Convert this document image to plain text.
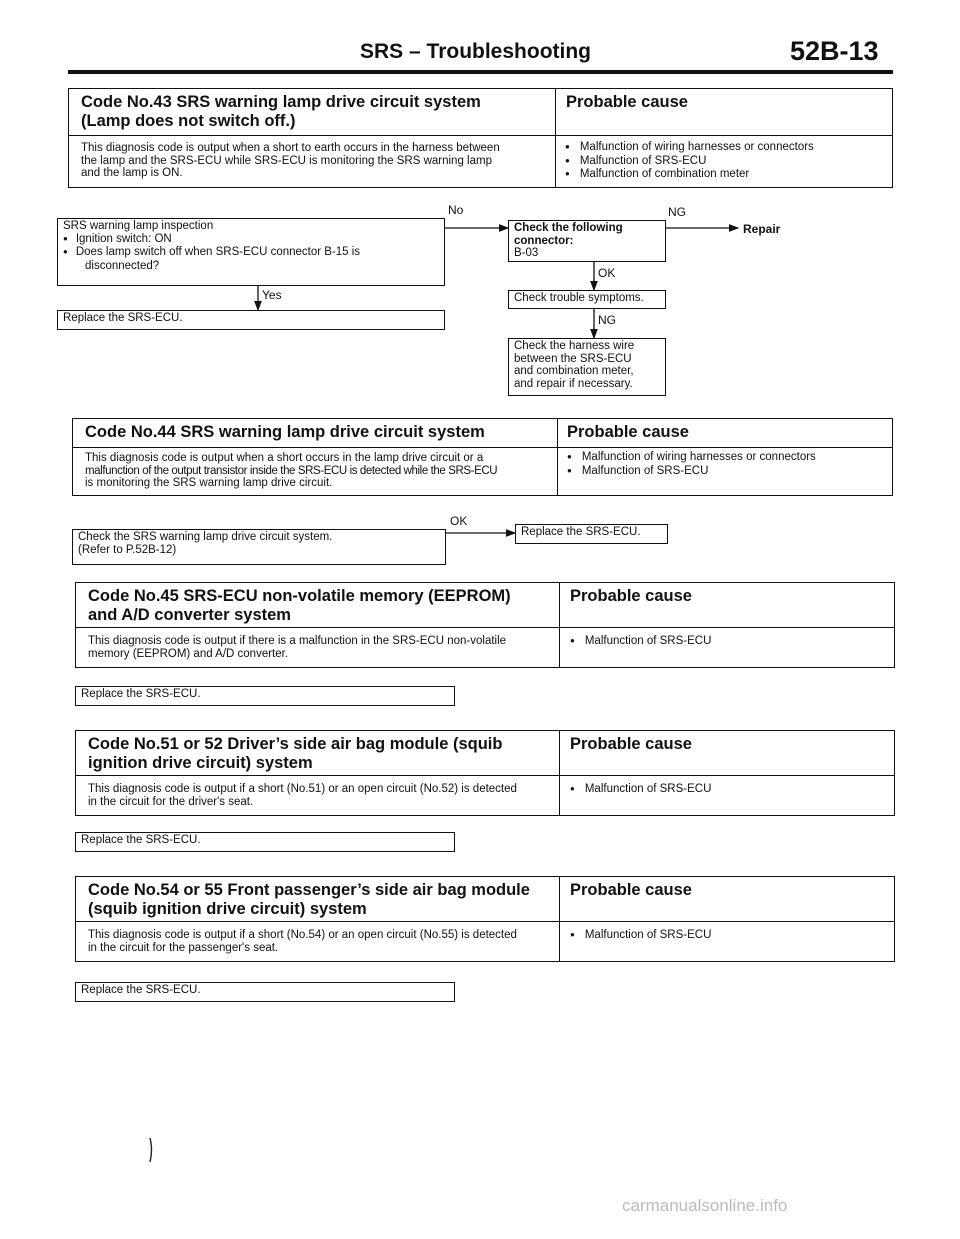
SRS – Troubleshooting	52B-13
Code No.43 SRS warning lamp drive circuit system
(Lamp does not switch off.)
Probable cause
This diagnosis code is output when a short to earth occurs in the harness between
the lamp and the SRS-ECU while SRS-ECU is monitoring the SRS warning lamp
and the lamp is ON.
● Malfunction of wiring harnesses or connectors
● Malfunction of SRS-ECU
● Malfunction of combination meter
SRS warning lamp inspection
● Ignition switch: ON
● Does lamp switch off when SRS-ECU connector B-15 is
disconnected?
No
Check the following
connector:
B-03
NG
Repair
OK
Check trouble symptoms.
NG
Check the harness wire
between the SRS-ECU
and combination meter,
and repair if necessary.
Yes
Replace the SRS-ECU.
Code No.44 SRS warning lamp drive circuit system	Probable cause
This diagnosis code is output when a short occurs in the lamp drive circuit or a
malfunction of the output transistor inside the SRS-ECU is detected while the SRS-ECU
is monitoring the SRS warning lamp drive circuit.
● Malfunction of wiring harnesses or connectors
● Malfunction of SRS-ECU
Check the SRS warning lamp drive circuit system.
(Refer to P.52B-12)
OK
Replace the SRS-ECU.
Code No.45 SRS-ECU non-volatile memory (EEPROM)
and A/D converter system
Probable cause
This diagnosis code is output if there is a malfunction in the SRS-ECU non-volatile
memory (EEPROM) and A/D converter.
● Malfunction of SRS-ECU
Replace the SRS-ECU.
Code No.51 or 52 Driver’s side air bag module (squib
ignition drive circuit) system
Probable cause
This diagnosis code is output if a short (No.51) or an open circuit (No.52) is detected
in the circuit for the driver's seat.
● Malfunction of SRS-ECU
Replace the SRS-ECU.
Code No.54 or 55 Front passenger’s side air bag module
(squib ignition drive circuit) system
Probable cause
This diagnosis code is output if a short (No.54) or an open circuit (No.55) is detected
in the circuit for the passenger's seat.
● Malfunction of SRS-ECU
Replace the SRS-ECU.
carmanualsonline.info
